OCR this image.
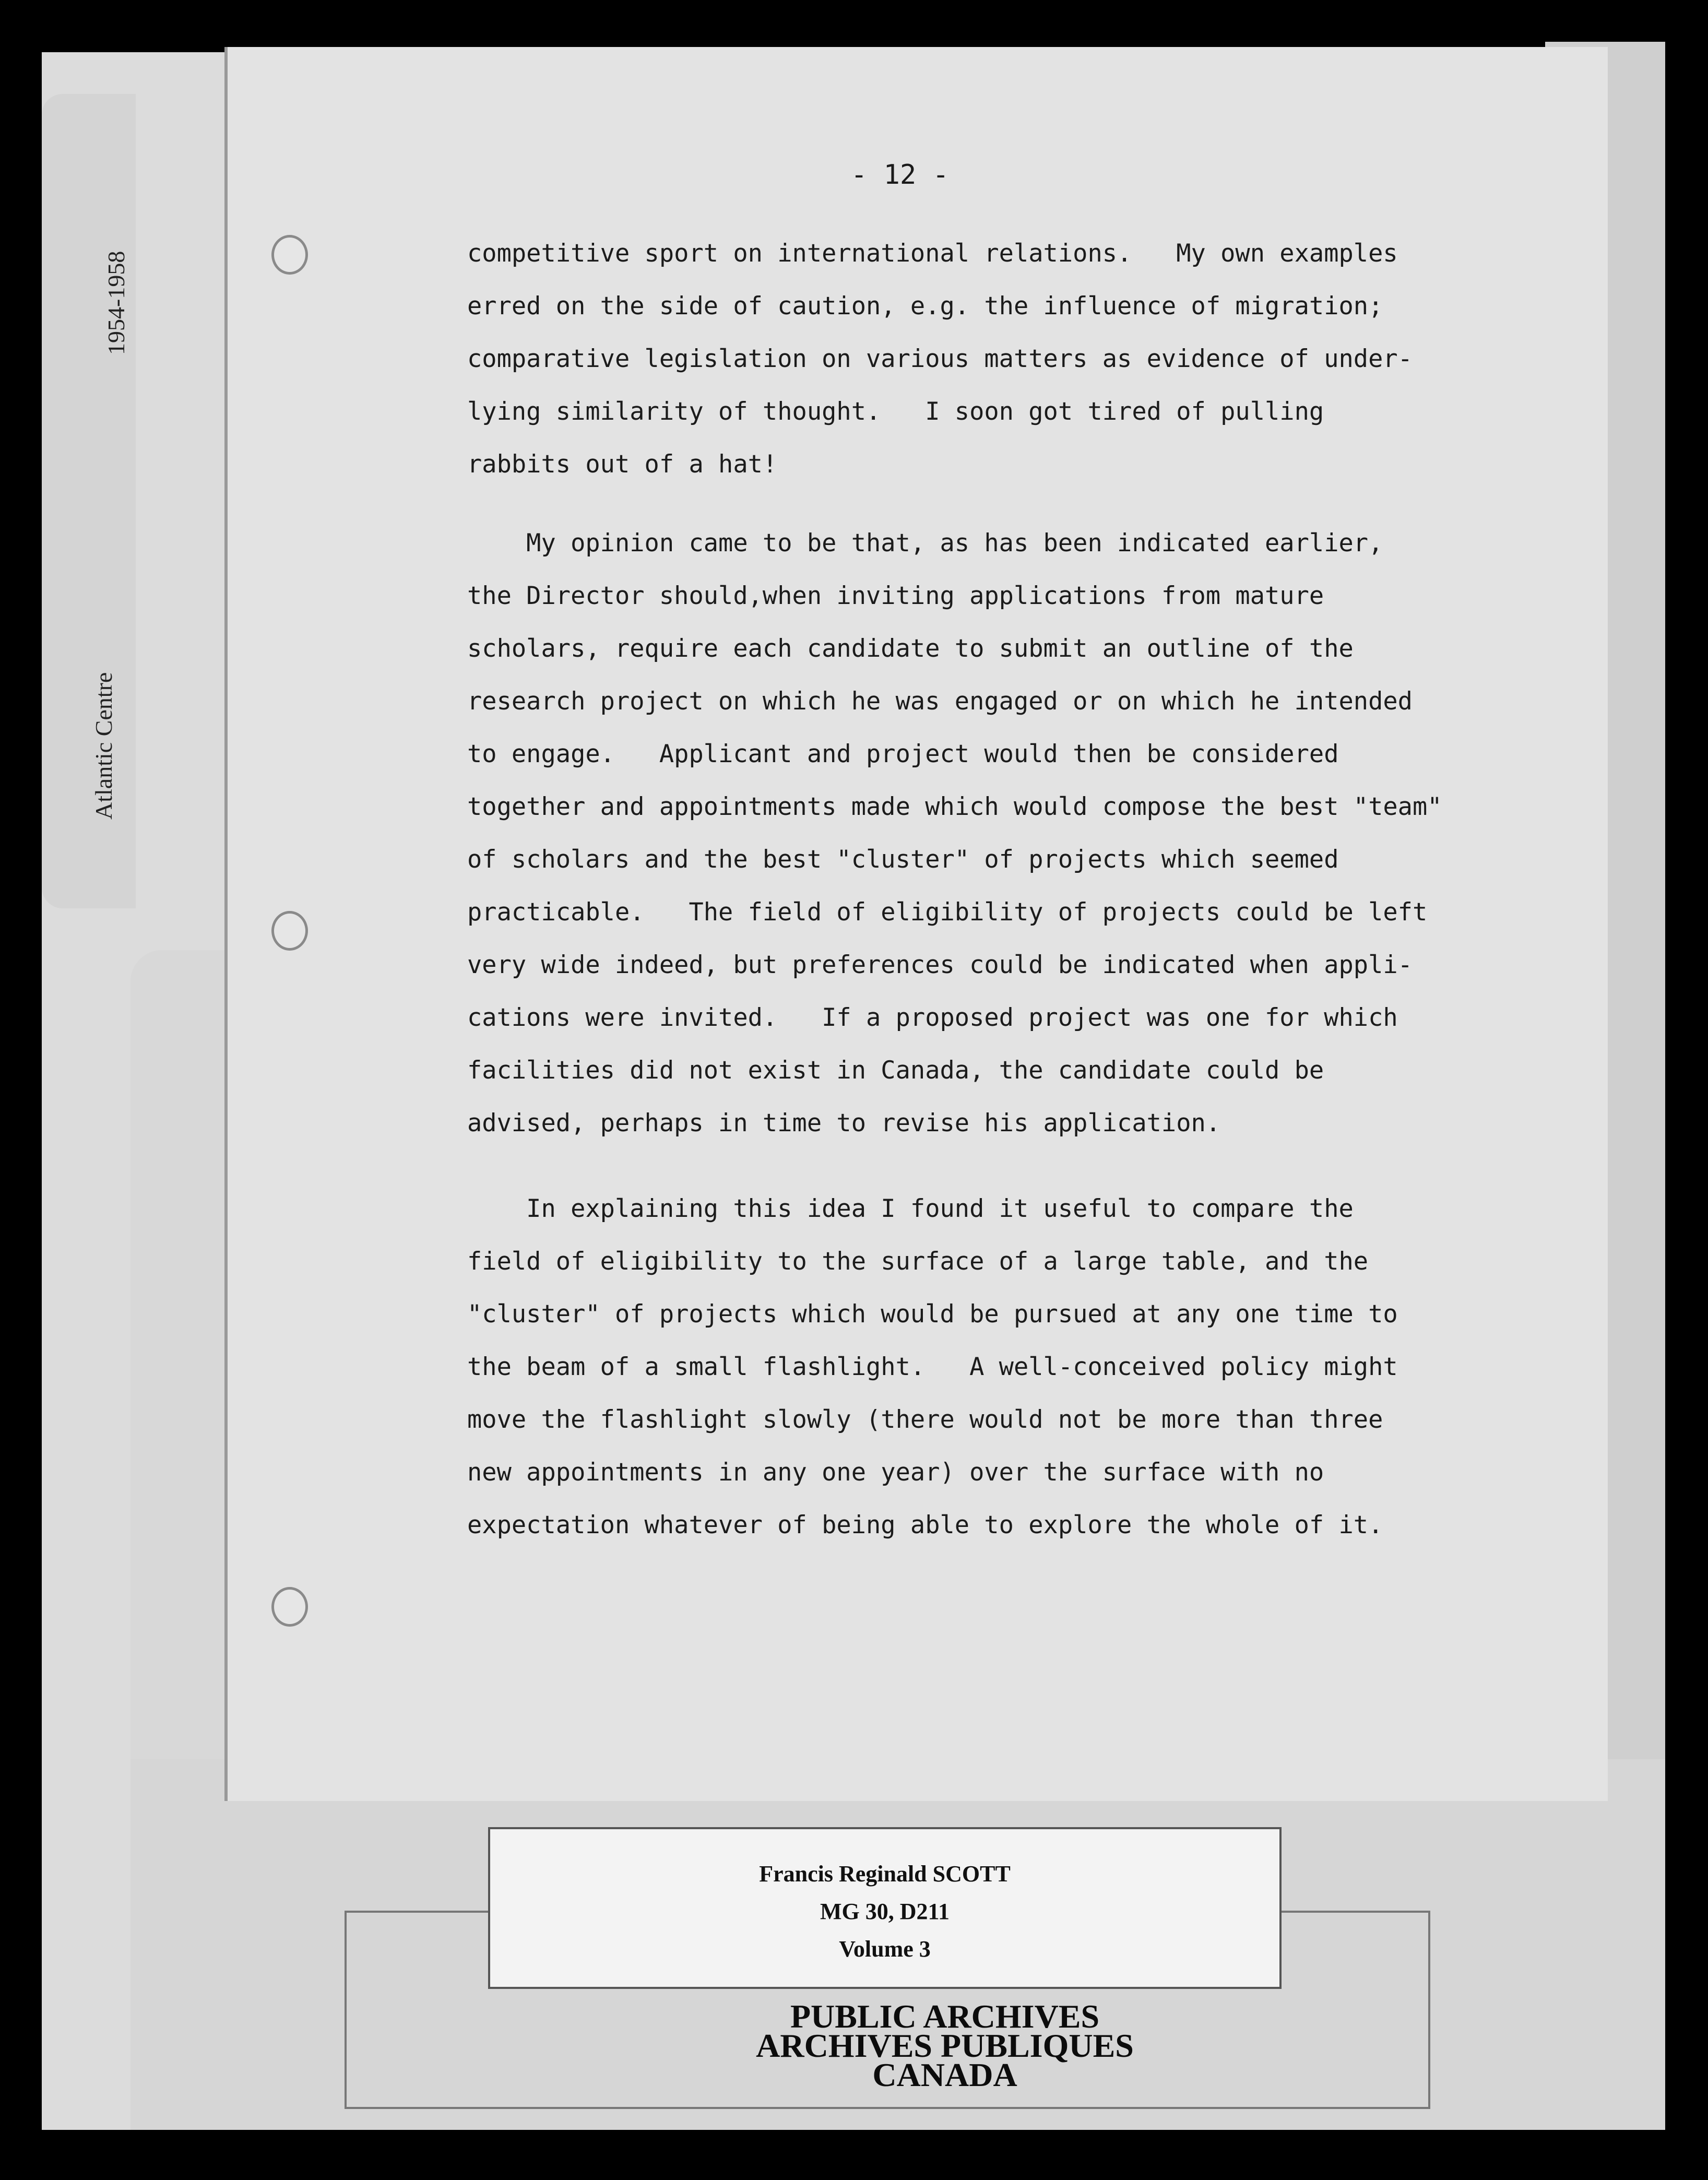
1954-1958
Atlantic Centre
- 12 -
competitive sport on international relations.   My own examples
erred on the side of caution, e.g. the influence of migration;
comparative legislation on various matters as evidence of under-
lying similarity of thought.   I soon got tired of pulling
rabbits out of a hat!
My opinion came to be that, as has been indicated earlier,
the Director should,when inviting applications from mature
scholars, require each candidate to submit an outline of the
research project on which he was engaged or on which he intended
to engage.   Applicant and project would then be considered
together and appointments made which would compose the best "team"
of scholars and the best "cluster" of projects which seemed
practicable.   The field of eligibility of projects could be left
very wide indeed, but preferences could be indicated when appli-
cations were invited.   If a proposed project was one for which
facilities did not exist in Canada, the candidate could be
advised, perhaps in time to revise his application.
In explaining this idea I found it useful to compare the
field of eligibility to the surface of a large table, and the
"cluster" of projects which would be pursued at any one time to
the beam of a small flashlight.   A well-conceived policy might
move the flashlight slowly (there would not be more than three
new appointments in any one year) over the surface with no
expectation whatever of being able to explore the whole of it.
Francis Reginald SCOTT
MG 30, D211
Volume 3
PUBLIC ARCHIVES
ARCHIVES PUBLIQUES
CANADA
